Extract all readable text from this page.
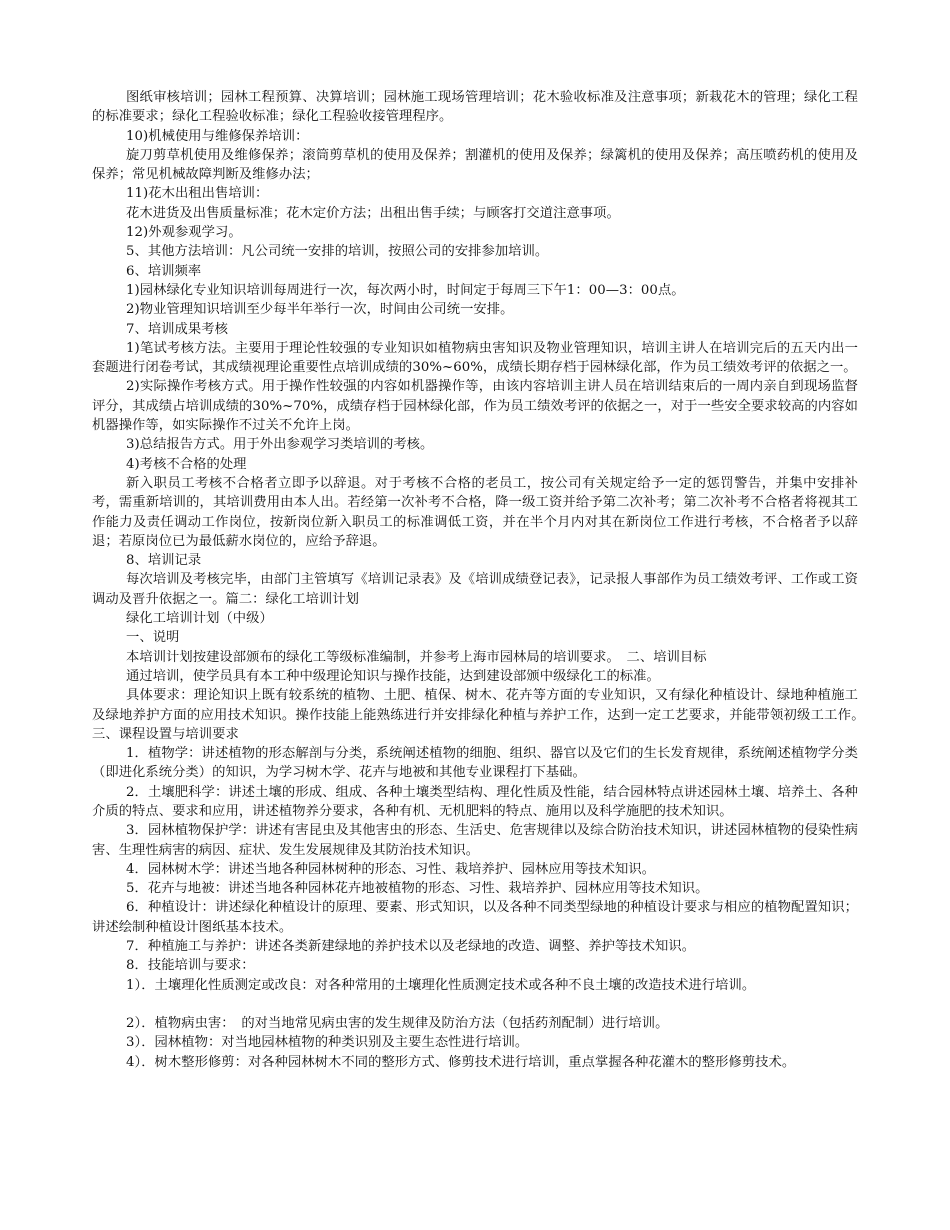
图纸审核培训；园林工程预算、决算培训；园林施工现场管理培训；花木验收标准及注意事项；新栽花木的管理；绿化工程的标准要求；绿化工程验收标准；绿化工程验收接管理程序。

10)机械使用与维修保养培训：

旋刀剪草机使用及维修保养；滚筒剪草机的使用及保养；割灌机的使用及保养；绿篱机的使用及保养；高压喷药机的使用及保养；常见机械故障判断及维修办法；

11)花木出租出售培训：

花木进货及出售质量标准；花木定价方法；出租出售手续；与顾客打交道注意事项。

12)外观参观学习。

5、其他方法培训：凡公司统一安排的培训，按照公司的安排参加培训。

6、培训频率

1)园林绿化专业知识培训每周进行一次，每次两小时，时间定于每周三下午1：00—3：00点。

2)物业管理知识培训至少每半年举行一次，时间由公司统一安排。

7、培训成果考核

1)笔试考核方法。主要用于理论性较强的专业知识如植物病虫害知识及物业管理知识，培训主讲人在培训完后的五天内出一套题进行闭卷考试，其成绩视理论重要性点培训成绩的30%~60%，成绩长期存档于园林绿化部，作为员工绩效考评的依据之一。

2)实际操作考核方式。用于操作性较强的内容如机器操作等，由该内容培训主讲人员在培训结束后的一周内亲自到现场监督评分，其成绩占培训成绩的30%~70%，成绩存档于园林绿化部，作为员工绩效考评的依据之一，对于一些安全要求较高的内容如机器操作等，如实际操作不过关不允许上岗。

3)总结报告方式。用于外出参观学习类培训的考核。

4)考核不合格的处理

新入职员工考核不合格者立即予以辞退。对于考核不合格的老员工，按公司有关规定给予一定的惩罚警告，并集中安排补考，需重新培训的，其培训费用由本人出。若经第一次补考不合格，降一级工资并给予第二次补考；第二次补考不合格者将视其工作能力及责任调动工作岗位，按新岗位新入职员工的标准调低工资，并在半个月内对其在新岗位工作进行考核，不合格者予以辞退；若原岗位已为最低薪水岗位的，应给予辞退。

8、培训记录

每次培训及考核完毕，由部门主管填写《培训记录表》及《培训成绩登记表》，记录报人事部作为员工绩效考评、工作或工资调动及晋升依据之一。篇二：绿化工培训计划

绿化工培训计划（中级）

一、说明

本培训计划按建设部颁布的绿化工等级标准编制，并参考上海市园林局的培训要求。　二、培训目标

通过培训，使学员具有本工种中级理论知识与操作技能，达到建设部颁中级绿化工的标准。

具体要求：理论知识上既有较系统的植物、土肥、植保、树木、花卉等方面的专业知识，又有绿化种植设计、绿地种植施工及绿地养护方面的应用技术知识。操作技能上能熟练进行并安排绿化种植与养护工作，达到一定工艺要求，并能带领初级工工作。　三、课程设置与培训要求

1．植物学：讲述植物的形态解剖与分类，系统阐述植物的细胞、组织、器官以及它们的生长发育规律，系统阐述植物学分类（即进化系统分类）的知识，为学习树木学、花卉与地被和其他专业课程打下基础。

2．土壤肥科学：讲述土壤的形成、组成、各种土壤类型结构、理化性质及性能，结合园林特点讲述园林土壤、培养土、各种介质的特点、要求和应用，讲述植物养分要求，各种有机、无机肥料的特点、施用以及科学施肥的技术知识。

3．园林植物保护学：讲述有害昆虫及其他害虫的形态、生活史、危害规律以及综合防治技术知识，讲述园林植物的侵染性病害、生理性病害的病因、症状、发生发展规律及其防治技术知识。

4．园林树木学：讲述当地各种园林树种的形态、习性、栽培养护、园林应用等技术知识。

5．花卉与地被：讲述当地各种园林花卉地被植物的形态、习性、栽培养护、园林应用等技术知识。

6．种植设计：讲述绿化种植设计的原理、要素、形式知识，以及各种不同类型绿地的种植设计要求与相应的植物配置知识；讲述绘制种植设计图纸基本技术。

7．种植施工与养护：讲述各类新建绿地的养护技术以及老绿地的改造、调整、养护等技术知识。

8．技能培训与要求：

1）．土壤理化性质测定或改良：对各种常用的土壤理化性质测定技术或各种不良土壤的改造技术进行培训。

2）．植物病虫害：　的对当地常见病虫害的发生规律及防治方法（包括药剂配制）进行培训。

3）．园林植物：对当地园林植物的种类识别及主要生态性进行培训。

4）．树木整形修剪：对各种园林树木不同的整形方式、修剪技术进行培训，重点掌握各种花灌木的整形修剪技术。
